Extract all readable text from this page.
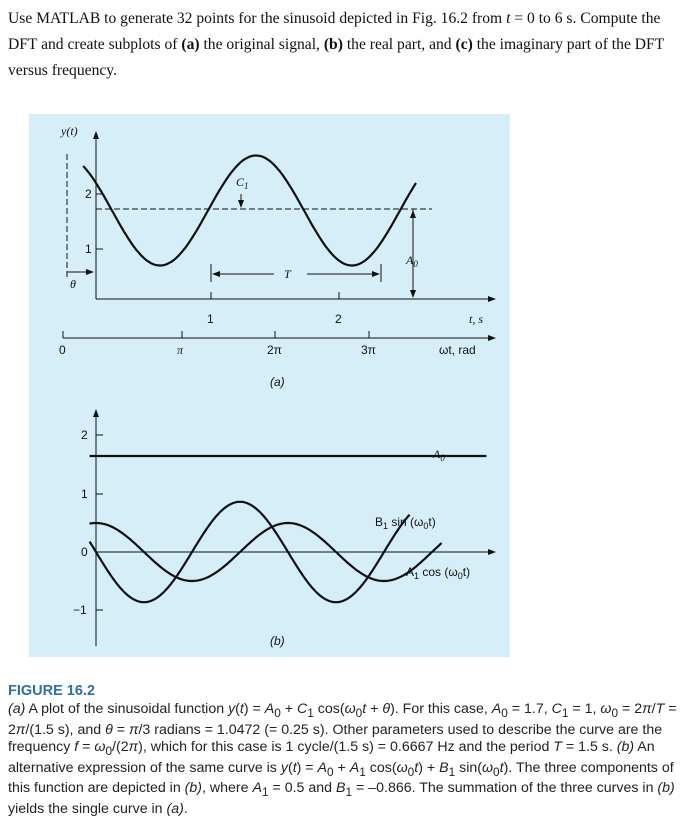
Use MATLAB to generate 32 points for the sinusoid depicted in Fig. 16.2 from t = 0 to 6 s. Compute the DFT and create subplots of (a) the original signal, (b) the real part, and (c) the imaginary part of the DFT versus frequency.
y(t)
2
1
θ
$C_1$
T
$A_0$
1	2	t, s
0	π	2π	3π	ωt, rad
(a)
2
1
0
−1
$A_0$
$B_1$ $\sin (\omega_0t)$
$A_1$ $\cos (\omega_0t)$
(b)
FIGURE 16.2
(a) A plot of the sinusoidal function $y(t) = A_0 + C_1$ $\cos(\omega_0t + \theta)$. For this case, $A_0 = 1.7$, $C_1 = 1$, $\omega_0 = 2\pi/T = 2\pi/(1.5$ s), and θ = π/3 radians = 1.0472 (= 0.25 s). Other parameters used to describe the curve are the frequency $f = \omega_0/(2\pi)$, which for this case is 1 cycle/(1.5 s) = 0.6667 Hz and the period T = 1.5 s. (b) An alternative expression of the same curve is $y(t) = A_0 + A_1$ $\cos(\omega_0t) + B_1$ $\sin(\omega_0t)$. The three components of this function are depicted in (b), where $A_1 = 0.5$ and $B_1 = -0.866$. The summation of the three curves in (b) yields the single curve in (a).
